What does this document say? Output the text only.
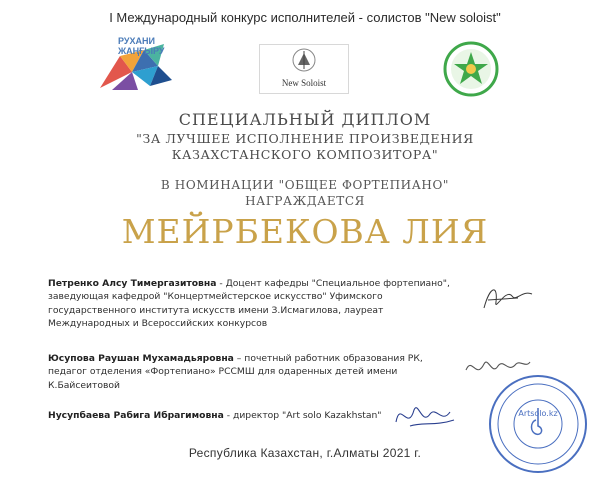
I Международный конкурс исполнителей - солистов "New soloist"
РУХАНИ
ЖАҢҒЫРУ
New Soloist
СПЕЦИАЛЬНЫЙ ДИПЛОМ
"ЗА ЛУЧШЕЕ ИСПОЛНЕНИЕ ПРОИЗВЕДЕНИЯ
КАЗАХСТАНСКОГО КОМПОЗИТОРА"
В НОМИНАЦИИ "ОБЩЕЕ ФОРТЕПИАНО"
НАГРАЖДАЕТСЯ
МЕЙРБЕКОВА ЛИЯ
Петренко Алсу Тимергазитовна - Доцент кафедры "Специальное фортепиано",
заведующая кафедрой "Концертмейстерское искусство" Уфимского
государственного института искусств имени З.Исмагилова, лауреат
Международных и Всероссийских конкурсов
Юсупова Раушан Мухамадьяровна – почетный работник образования РК,
педагог отделения «Фортепиано» РССМШ для одаренных детей имени
К.Байсеитовой
Нусупбаева Рабига Ибрагимовна - директор "Art solo Kazakhstan"	Artsolo.kz
Республика Казахстан, г.Алматы 2021 г.
